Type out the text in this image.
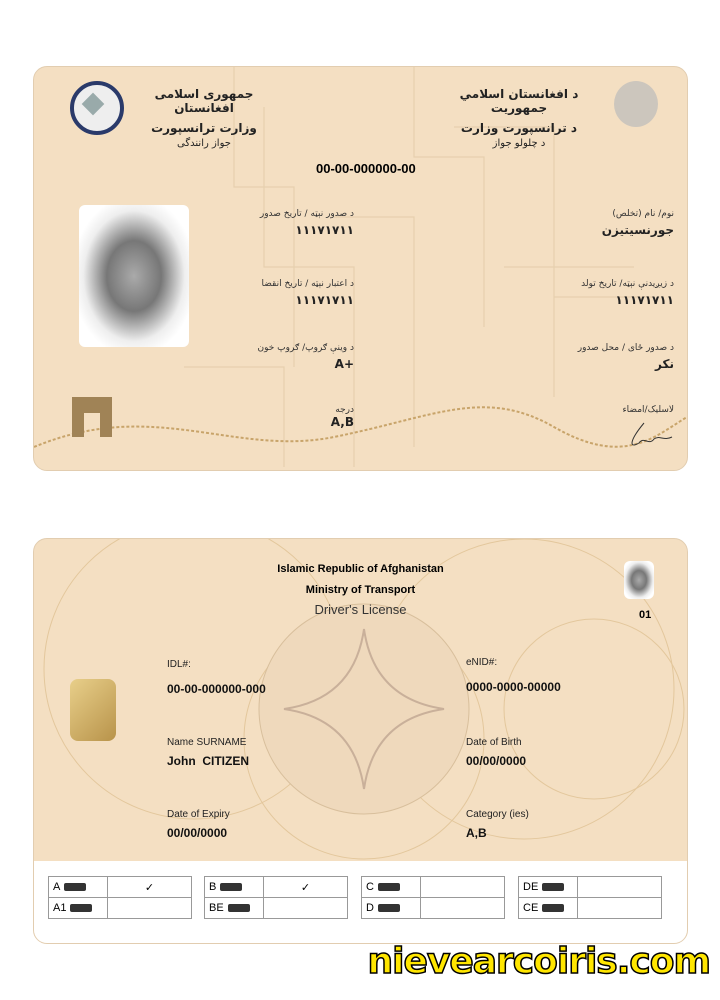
جمهوری اسلامی افغانستان
وزارت ترانسپورت
جواز رانندگی
د افغانستان اسلامي جمهوريت
د ترانسپورت وزارت
د چلولو جواز
00-00-000000-00
د صدور نېټه / تاریخ صدور
١١١٧١٧١١
د اعتبار نېټه / تاریخ انقضا
١١١٧١٧١١
د وینې ګروپ/ ګروپ خون
A+
درجه
A,B
نوم/ نام (تخلص)
جورنسیتیزن
د زیږیدنې نېټه/ تاریخ تولد
١١١٧١٧١١
د صدور ځای / محل صدور
نکر
لاسلیک/امضاء
Islamic Republic of Afghanistan
Ministry of Transport
Driver's License	01
IDL#:
00-00-000000-000
eNID#:
0000-0000-00000
Name SURNAME
John  CITIZEN
Date of Birth
00/00/0000
Date of Expiry
00/00/0000
Category (ies)
A,B
A	✓
A1	
B	✓
BE	
C	
D	
DE	
CE	
nievearcoiris.com
